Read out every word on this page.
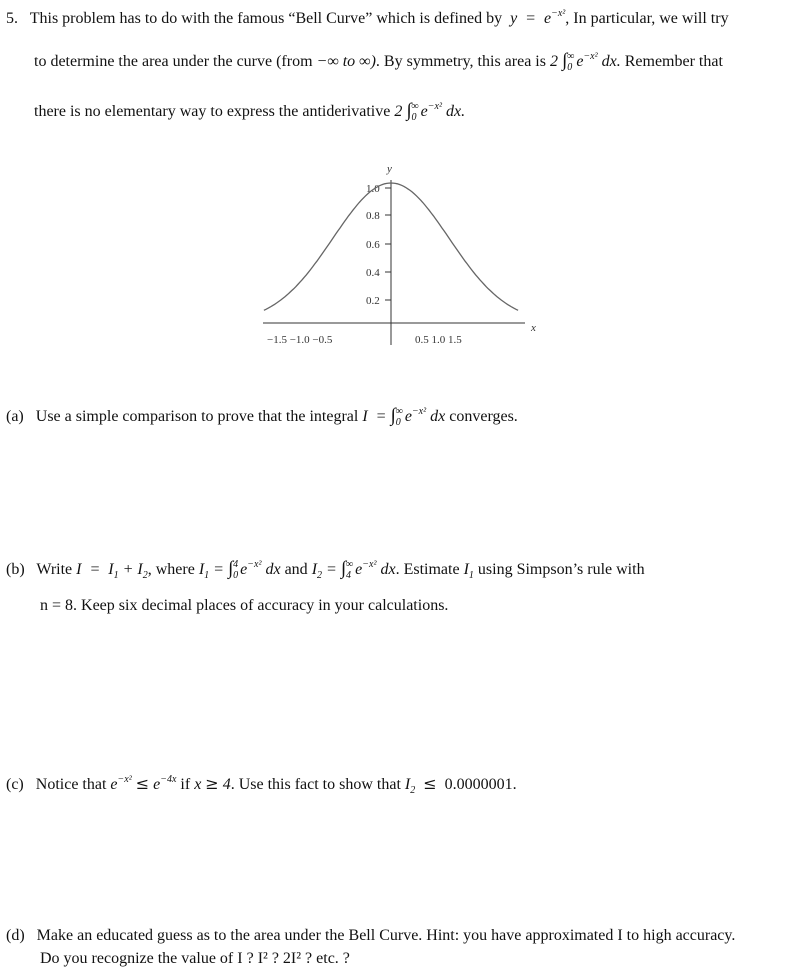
5. This problem has to do with the famous “Bell Curve” which is defined by  $y = e^{-x^2}$, In particular, we will try
to determine the area under the curve (from −∞ to ∞). By symmetry, this area is 2 ∫ ∞
0 $e^{-x^2}$ dx. Remember that
there is no elementary way to express the antiderivative 2 ∫ ∞
0 $e^{-x^2}$ dx.
y
x
1.0
0.8
0.6
0.4
0.2
−1.5 −1.0 −0.5	0.5 1.0 1.5
(a) Use a simple comparison to prove that the integral I  = ∫ ∞
0 $e^{-x^2}$ dx converges.
(b) Write $I = I_1 + I_2$, where $I_1$ = ∫ 4
0 $e^{-x^2}$ dx and $I_2$ = ∫ ∞
4 $e^{-x^2}$ dx. Estimate $I_1$ using Simpson’s rule with
n = 8. Keep six decimal places of accuracy in your calculations.
(c) Notice that $e^{-x^2} \le e^{-4x}$ if x ≥ 4. Use this fact to show that $I_2 \le 0.0000001$.
(d) Make an educated guess as to the area under the Bell Curve. Hint: you have approximated I to high accuracy.
Do you recognize the value of I ? I² ? 2I² ? etc. ?
